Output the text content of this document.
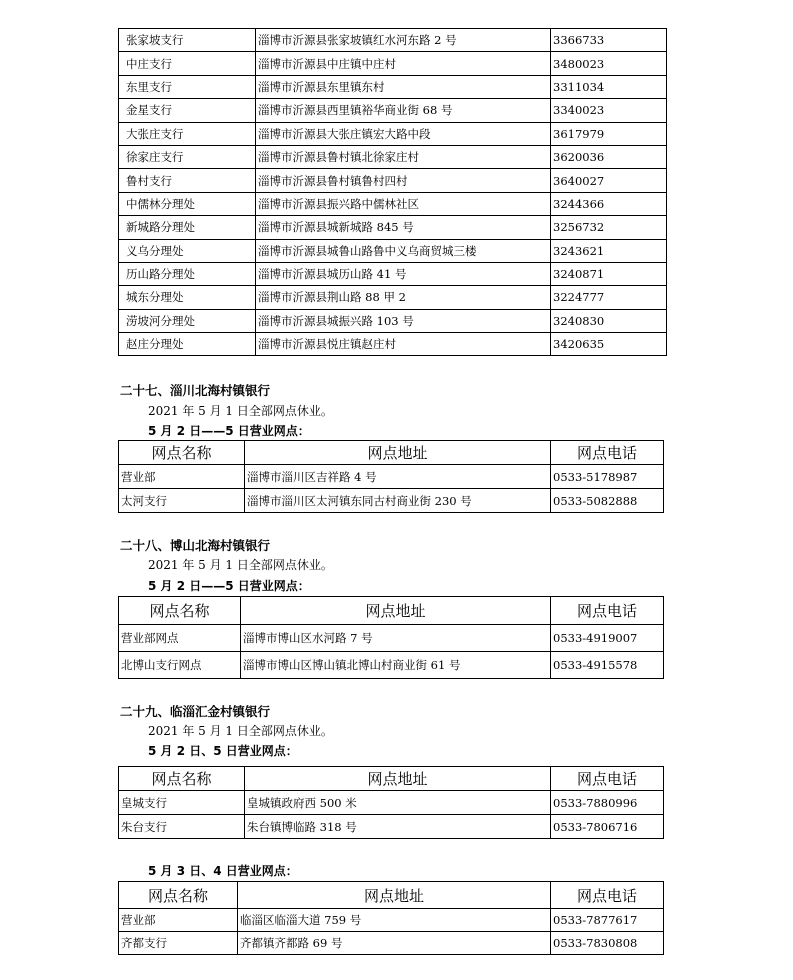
张家坡支行	淄博市沂源县张家坡镇红水河东路 2 号	3366733
中庄支行	淄博市沂源县中庄镇中庄村	3480023
东里支行	淄博市沂源县东里镇东村	3311034
金星支行	淄博市沂源县西里镇裕华商业街 68 号	3340023
大张庄支行	淄博市沂源县大张庄镇宏大路中段	3617979
徐家庄支行	淄博市沂源县鲁村镇北徐家庄村	3620036
鲁村支行	淄博市沂源县鲁村镇鲁村四村	3640027
中儒林分理处	淄博市沂源县振兴路中儒林社区	3244366
新城路分理处	淄博市沂源县城新城路 845 号	3256732
义乌分理处	淄博市沂源县城鲁山路鲁中义乌商贸城三楼	3243621
历山路分理处	淄博市沂源县城历山路 41 号	3240871
城东分理处	淄博市沂源县荆山路 88 甲 2	3224777
涝坡河分理处	淄博市沂源县城振兴路 103 号	3240830
赵庄分理处	淄博市沂源县悦庄镇赵庄村	3420635
二十七、淄川北海村镇银行
2021 年 5 月 1 日全部网点休业。
5 月 2 日——5 日营业网点：
网点名称	网点地址	网点电话
营业部	淄博市淄川区吉祥路 4 号	0533-5178987
太河支行	淄博市淄川区太河镇东同古村商业街 230 号	0533-5082888
二十八、博山北海村镇银行
2021 年 5 月 1 日全部网点休业。
5 月 2 日——5 日营业网点：
网点名称	网点地址	网点电话
营业部网点	淄博市博山区水河路 7 号	0533-4919007
北博山支行网点	淄博市博山区博山镇北博山村商业街 61 号	0533-4915578
二十九、临淄汇金村镇银行
2021 年 5 月 1 日全部网点休业。
5 月 2 日、5 日营业网点：
网点名称	网点地址	网点电话
皇城支行	皇城镇政府西 500 米	0533-7880996
朱台支行	朱台镇博临路 318 号	0533-7806716
5 月 3 日、4 日营业网点：
网点名称	网点地址	网点电话
营业部	临淄区临淄大道 759 号	0533-7877617
齐都支行	齐都镇齐都路 69 号	0533-7830808
